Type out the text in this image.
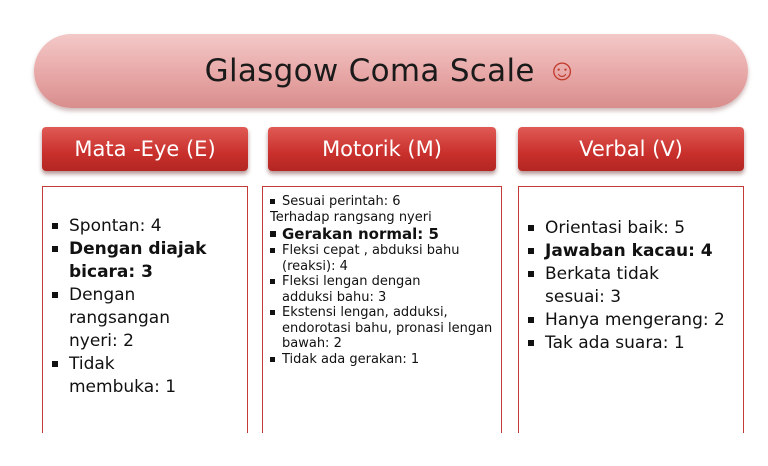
Glasgow Coma Scale ☺
Mata -Eye (E)	Motorik (M)	Verbal (V)
Spontan: 4
Dengan diajak bicara: 3
Dengan rangsangan nyeri: 2
Tidak membuka: 1
Sesuai perintah: 6
Terhadap rangsang nyeri
Gerakan normal: 5
Fleksi cepat , abduksi bahu (reaksi): 4
Fleksi lengan dengan adduksi bahu: 3
Ekstensi lengan, adduksi, endorotasi bahu, pronasi lengan bawah: 2
Tidak ada gerakan: 1
Orientasi baik: 5
Jawaban kacau: 4
Berkata tidak sesuai: 3
Hanya mengerang: 2
Tak ada suara: 1
